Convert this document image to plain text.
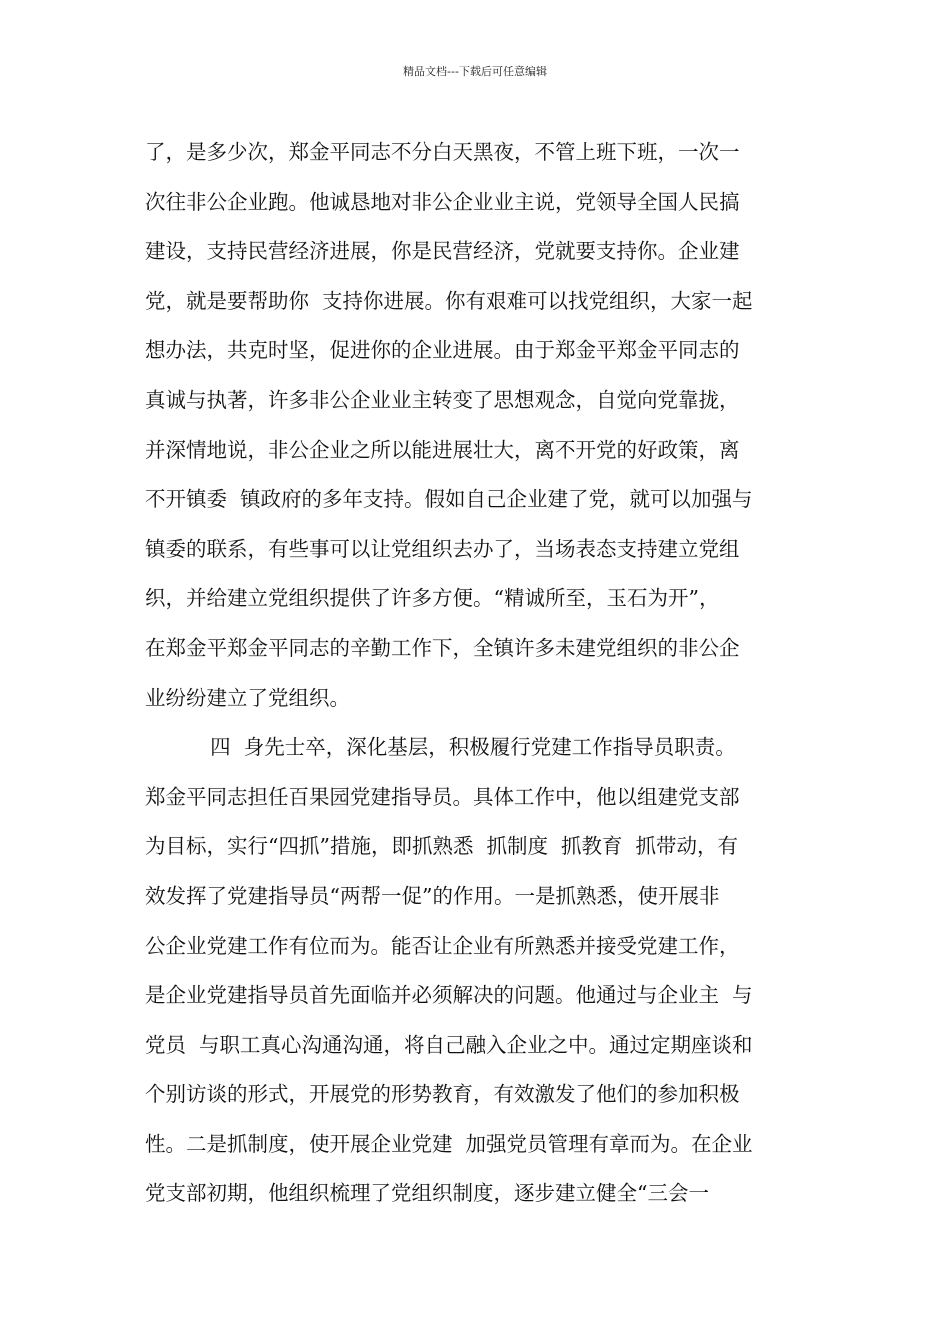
精品文档---下载后可任意编辑
了，是多少次，郑金平同志不分白天黑夜，不管上班下班，一次一
次往非公企业跑。他诚恳地对非公企业业主说，党领导全国人民搞
建设，支持民营经济进展，你是民营经济，党就要支持你。企业建
党，就是要帮助你  支持你进展。你有艰难可以找党组织，大家一起
想办法，共克时坚，促进你的企业进展。由于郑金平郑金平同志的
真诚与执著，许多非公企业业主转变了思想观念，自觉向党靠拢，
并深情地说，非公企业之所以能进展壮大，离不开党的好政策，离
不开镇委  镇政府的多年支持。假如自己企业建了党，就可以加强与
镇委的联系，有些事可以让党组织去办了，当场表态支持建立党组
织，并给建立党组织提供了许多方便。“精诚所至，玉石为开”，
在郑金平郑金平同志的辛勤工作下，全镇许多未建党组织的非公企
业纷纷建立了党组织。
四  身先士卒，深化基层，积极履行党建工作指导员职责。
郑金平同志担任百果园党建指导员。具体工作中，他以组建党支部
为目标，实行“四抓”措施，即抓熟悉  抓制度  抓教育  抓带动，有
效发挥了党建指导员“两帮一促”的作用。一是抓熟悉，使开展非
公企业党建工作有位而为。能否让企业有所熟悉并接受党建工作，
是企业党建指导员首先面临并必须解决的问题。他通过与企业主  与
党员  与职工真心沟通沟通，将自己融入企业之中。通过定期座谈和
个别访谈的形式，开展党的形势教育，有效激发了他们的参加积极
性。二是抓制度，使开展企业党建  加强党员管理有章而为。在企业
党支部初期，他组织梳理了党组织制度，逐步建立健全“三会一
